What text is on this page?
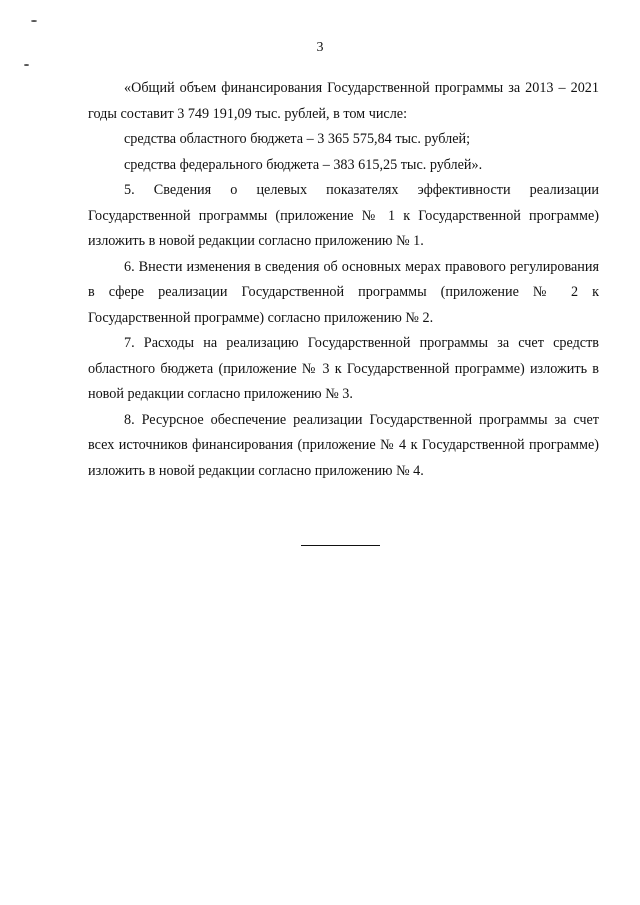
3

«Общий объем финансирования Государственной программы за 2013 – 2021 годы составит 3 749 191,09 тыс. рублей, в том числе:

средства областного бюджета – 3 365 575,84 тыс. рублей;

средства федерального бюджета – 383 615,25 тыс. рублей».

5. Сведения о целевых показателях эффективности реализации Государственной программы (приложение № 1 к Государственной программе) изложить в новой редакции согласно приложению № 1.

6. Внести изменения в сведения об основных мерах правового регулирования в сфере реализации Государственной программы (приложение № 2 к Государственной программе) согласно приложению № 2.

7. Расходы на реализацию Государственной программы за счет средств областного бюджета (приложение № 3 к Государственной программе) изложить в новой редакции согласно приложению № 3.

8. Ресурсное обеспечение реализации Государственной программы за счет всех источников финансирования (приложение № 4 к Государственной программе) изложить в новой редакции согласно приложению № 4.
